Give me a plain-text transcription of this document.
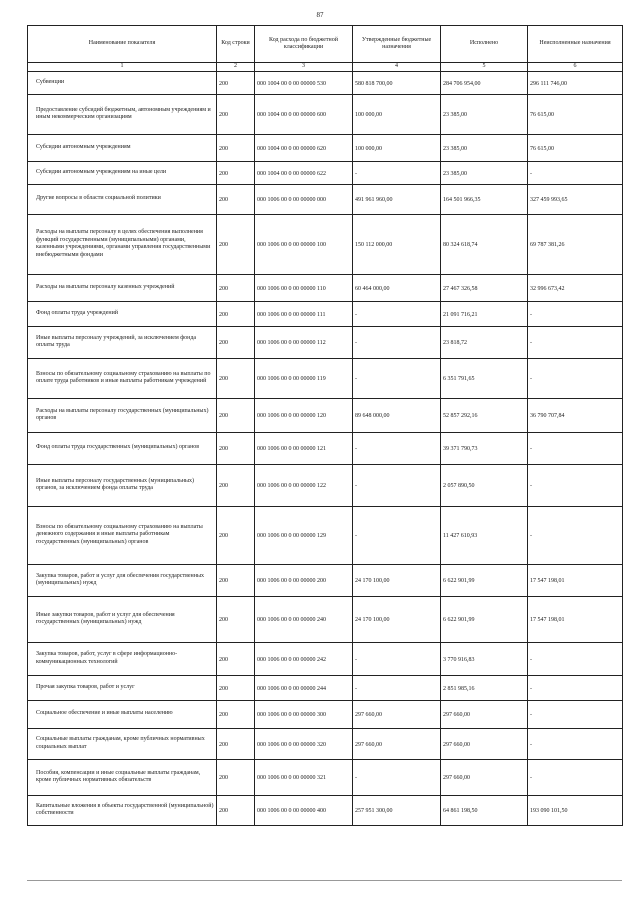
87
Наименование показателя	Код строки	Код расхода по бюджетной классификации	Утвержденные бюджетные назначения	Исполнено	Неисполненные назначения
1	2	3	4	5	6

Субвенции	200	000 1004 00 0 00 00000 530	580 818 700,00	284 706 954,00	296 111 746,00

Предоставление субсидий бюджетным, автономным учреждениям и иным некоммерческим организациям	200	000 1004 00 0 00 00000 600	100 000,00	23 385,00	76 615,00

Субсидии автономным учреждениям	200	000 1004 00 0 00 00000 620	100 000,00	23 385,00	76 615,00

Субсидии автономным учреждениям на иные цели	200	000 1004 00 0 00 00000 622	-	23 385,00	-

Другие вопросы в области социальной политики	200	000 1006 00 0 00 00000 000	491 961 960,00	164 501 966,35	327 459 993,65

Расходы на выплаты персоналу в целях обеспечения выполнения функций государственными (муниципальными) органами, казенными учреждениями, органами управления государственными внебюджетными фондами	200	000 1006 00 0 00 00000 100	150 112 000,00	80 324 618,74	69 787 381,26

Расходы на выплаты персоналу казенных учреждений	200	000 1006 00 0 00 00000 110	60 464 000,00	27 467 326,58	32 996 673,42

Фонд оплаты труда учреждений	200	000 1006 00 0 00 00000 111	-	21 091 716,21	-

Иные выплаты персоналу учреждений, за исключением фонда оплаты труда	200	000 1006 00 0 00 00000 112	-	23 818,72	-

Взносы по обязательному социальному страхованию на выплаты по оплате труда работников и иные выплаты работникам учреждений	200	000 1006 00 0 00 00000 119	-	6 351 791,65	-

Расходы на выплаты персоналу государственных (муниципальных) органов	200	000 1006 00 0 00 00000 120	89 648 000,00	52 857 292,16	36 790 707,84

Фонд оплаты труда государственных (муниципальных) органов	200	000 1006 00 0 00 00000 121	-	39 371 790,73	-

Иные выплаты персоналу государственных (муниципальных) органов, за исключением фонда оплаты труда	200	000 1006 00 0 00 00000 122	-	2 057 890,50	-

Взносы по обязательному социальному страхованию на выплаты денежного содержания и иные выплаты работникам государственных (муниципальных) органов	200	000 1006 00 0 00 00000 129	-	11 427 610,93	-

Закупка товаров, работ и услуг для обеспечения государственных (муниципальных) нужд	200	000 1006 00 0 00 00000 200	24 170 100,00	6 622 901,99	17 547 198,01

Иные закупки товаров, работ и услуг для обеспечения государственных (муниципальных) нужд	200	000 1006 00 0 00 00000 240	24 170 100,00	6 622 901,99	17 547 198,01

Закупка товаров, работ, услуг в сфере информационно-коммуникационных технологий	200	000 1006 00 0 00 00000 242	-	3 770 916,83	-

Прочая закупка товаров, работ и услуг	200	000 1006 00 0 00 00000 244	-	2 851 985,16	-

Социальное обеспечение и иные выплаты населению	200	000 1006 00 0 00 00000 300	297 660,00	297 660,00	-

Социальные выплаты гражданам, кроме публичных нормативных социальных выплат	200	000 1006 00 0 00 00000 320	297 660,00	297 660,00	-

Пособия, компенсации и иные социальные выплаты гражданам, кроме публичных нормативных обязательств	200	000 1006 00 0 00 00000 321	-	297 660,00	-

Капитальные вложения в объекты государственной (муниципальной) собственности	200	000 1006 00 0 00 00000 400	257 951 300,00	64 861 198,50	193 090 101,50
